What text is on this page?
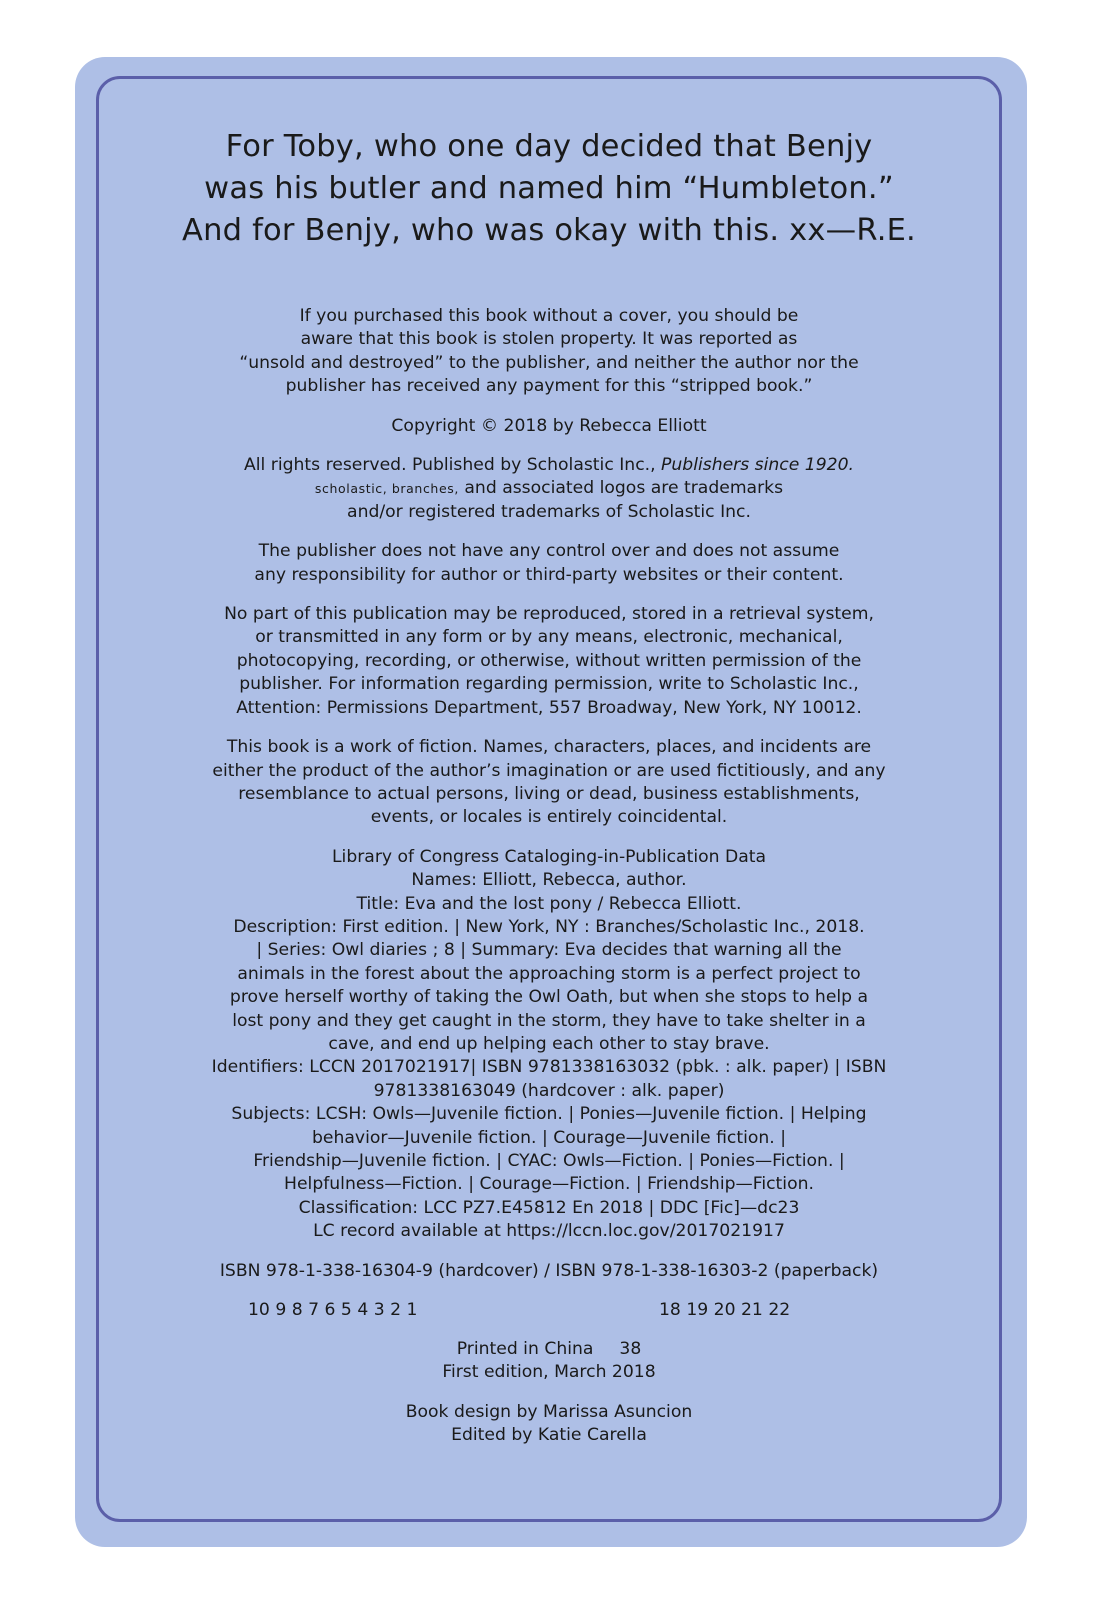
For Toby, who one day decided that Benjy
was his butler and named him “Humbleton.”
And for Benjy, who was okay with this. xx—R.E.
If you purchased this book without a cover, you should be
aware that this book is stolen property. It was reported as
“unsold and destroyed” to the publisher, and neither the author nor the
publisher has received any payment for this “stripped book.”
Copyright © 2018 by Rebecca Elliott
All rights reserved. Published by Scholastic Inc., Publishers since 1920.
scholastic, branches, and associated logos are trademarks
and/or registered trademarks of Scholastic Inc.
The publisher does not have any control over and does not assume
any responsibility for author or third-party websites or their content.
No part of this publication may be reproduced, stored in a retrieval system,
or transmitted in any form or by any means, electronic, mechanical,
photocopying, recording, or otherwise, without written permission of the
publisher. For information regarding permission, write to Scholastic Inc.,
Attention: Permissions Department, 557 Broadway, New York, NY 10012.
This book is a work of fiction. Names, characters, places, and incidents are
either the product of the author’s imagination or are used fictitiously, and any
resemblance to actual persons, living or dead, business establishments,
events, or locales is entirely coincidental.
Library of Congress Cataloging-in-Publication Data
Names: Elliott, Rebecca, author.
Title: Eva and the lost pony / Rebecca Elliott.
Description: First edition. | New York, NY : Branches/Scholastic Inc., 2018.
| Series: Owl diaries ; 8 | Summary: Eva decides that warning all the
animals in the forest about the approaching storm is a perfect project to
prove herself worthy of taking the Owl Oath, but when she stops to help a
lost pony and they get caught in the storm, they have to take shelter in a
cave, and end up helping each other to stay brave.
Identifiers: LCCN 2017021917| ISBN 9781338163032 (pbk. : alk. paper) | ISBN
9781338163049 (hardcover : alk. paper)
Subjects: LCSH: Owls—Juvenile fiction. | Ponies—Juvenile fiction. | Helping
behavior—Juvenile fiction. | Courage—Juvenile fiction. |
Friendship—Juvenile fiction. | CYAC: Owls—Fiction. | Ponies—Fiction. |
Helpfulness—Fiction. | Courage—Fiction. | Friendship—Fiction.
Classification: LCC PZ7.E45812 En 2018 | DDC [Fic]—dc23
LC record available at https://lccn.loc.gov/2017021917
ISBN 978-1-338-16304-9 (hardcover) / ISBN 978-1-338-16303-2 (paperback)
10 9 8 7 6 5 4 3 2 1	18 19 20 21 22
Printed in China 38
First edition, March 2018
Book design by Marissa Asuncion
Edited by Katie Carella
